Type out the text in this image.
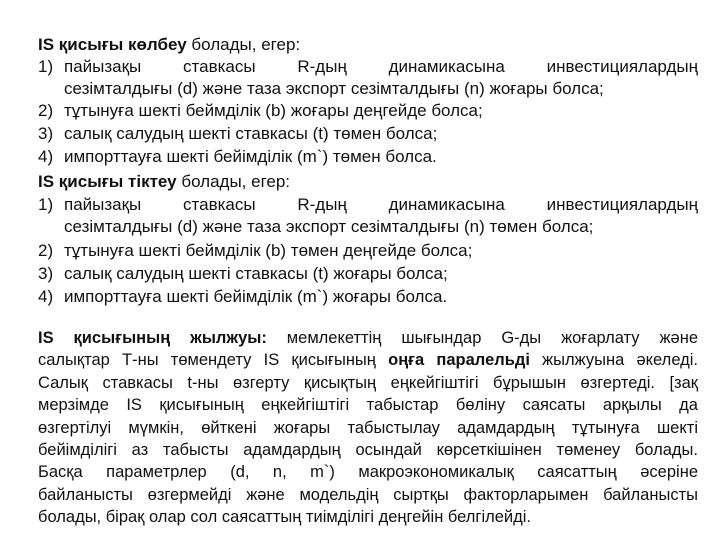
IS қисығы көлбеу болады, егер:
1) пайызақы ставкасы R-дың динамикасына инвестициялардың
сезімталдығы (d) және таза экспорт сезімталдығы (n) жоғары болса;
2) тұтынуға шекті беймділік (b) жоғары деңгейде болса;
3) салық салудың шекті ставкасы (t) төмен болса;
4) импорттауға шекті бейімділік (m`) төмен болса.
IS қисығы тіктеу болады, егер:
1) пайызақы ставкасы R-дың динамикасына инвестициялардың
сезімталдығы (d) және таза экспорт сезімталдығы (n) төмен болса;
2) тұтынуға шекті беймділік (b) төмен деңгейде болса;
3) салық салудың шекті ставкасы (t) жоғары болса;
4) импорттауға шекті бейімділік (m`) жоғары болса.
IS қисығының жылжуы: мемлекеттің шығындар G-ды жоғарлату және
салықтар Т-ны төмендету IS қисығының оңға паралельді жылжуына әкеледі.
Салық ставкасы t-ны өзгерту қисықтың еңкейгіштігі бұрышын өзгертеді. [зақ
мерзімде IS қисығының еңкейгіштігі табыстар бөліну саясаты арқылы да
өзгертілуі мүмкін, өйткені жоғары табыстылау адамдардың тұтынуға шекті
бейімділігі аз табысты адамдардың осындай көрсеткішінен төменеу болады.
Басқа параметрлер (d, n, m`) макроэкономикалық саясаттың әсеріне
байланысты өзгермейді және модельдің сыртқы факторларымен байланысты
болады, бірақ олар сол саясаттың тиімділігі деңгейін белгілейді.
